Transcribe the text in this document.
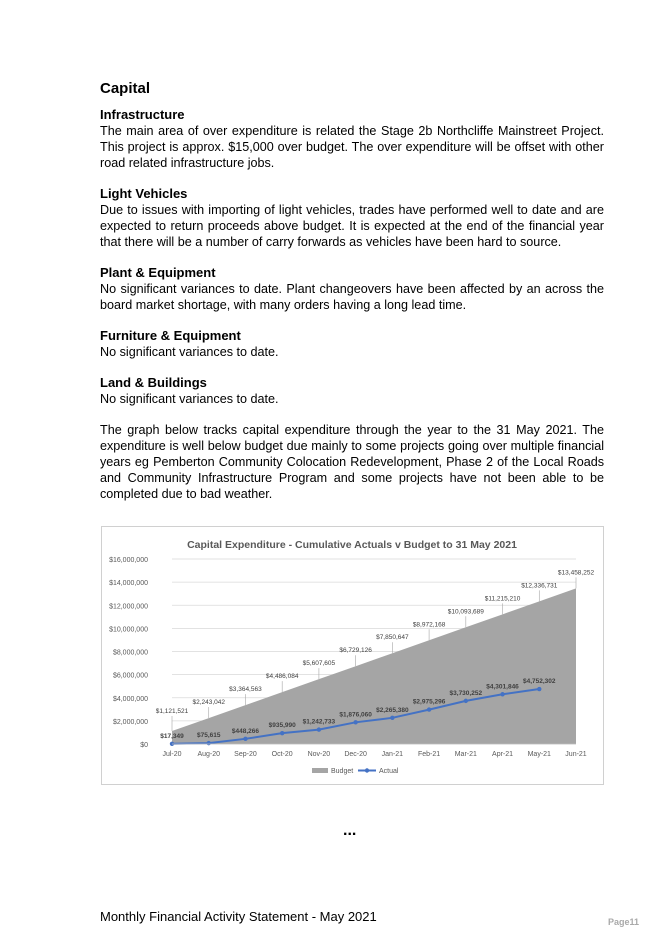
Capital
Infrastructure
The main area of over expenditure is related the Stage 2b Northcliffe Mainstreet Project. This project is approx. $15,000 over budget. The over expenditure will be offset with other road related infrastructure jobs.
Light Vehicles
Due to issues with importing of light vehicles, trades have performed well to date and are expected to return proceeds above budget. It is expected at the end of the financial year that there will be a number of carry forwards as vehicles have been hard to source.
Plant & Equipment
No significant variances to date. Plant changeovers have been affected by an across the board market shortage, with many orders having a long lead time.
Furniture & Equipment
No significant variances to date.
Land & Buildings
No significant variances to date.
The graph below tracks capital expenditure through the year to the 31 May 2021. The expenditure is well below budget due mainly to some projects going over multiple financial years eg Pemberton Community Colocation Redevelopment, Phase 2 of the Local Roads and Community Infrastructure Program and some projects have not been able to be completed due to bad weather.
Capital Expenditure - Cumulative Actuals v Budget to 31 May 2021
$0
$2,000,000
$4,000,000
$6,000,000
$8,000,000
$10,000,000
$12,000,000
$14,000,000
$16,000,000
$1,121,521
$2,243,042
$3,364,563
$4,486,084
$5,607,605
$6,729,126
$7,850,647
$8,972,168
$10,093,689
$11,215,210
$12,336,731
$13,458,252
$17,349 $75,615
$448,266
$935,990
$1,242,733
$1,876,060
$2,265,380
$2,975,296
$3,730,252
$4,301,846
$4,752,302
Jul-20 Aug-20 Sep-20 Oct-20 Nov-20 Dec-20 Jan-21 Feb-21 Mar-21 Apr-21 May-21 Jun-21
Budget	Actual
...
Monthly Financial Activity Statement - May 2021	Page11
